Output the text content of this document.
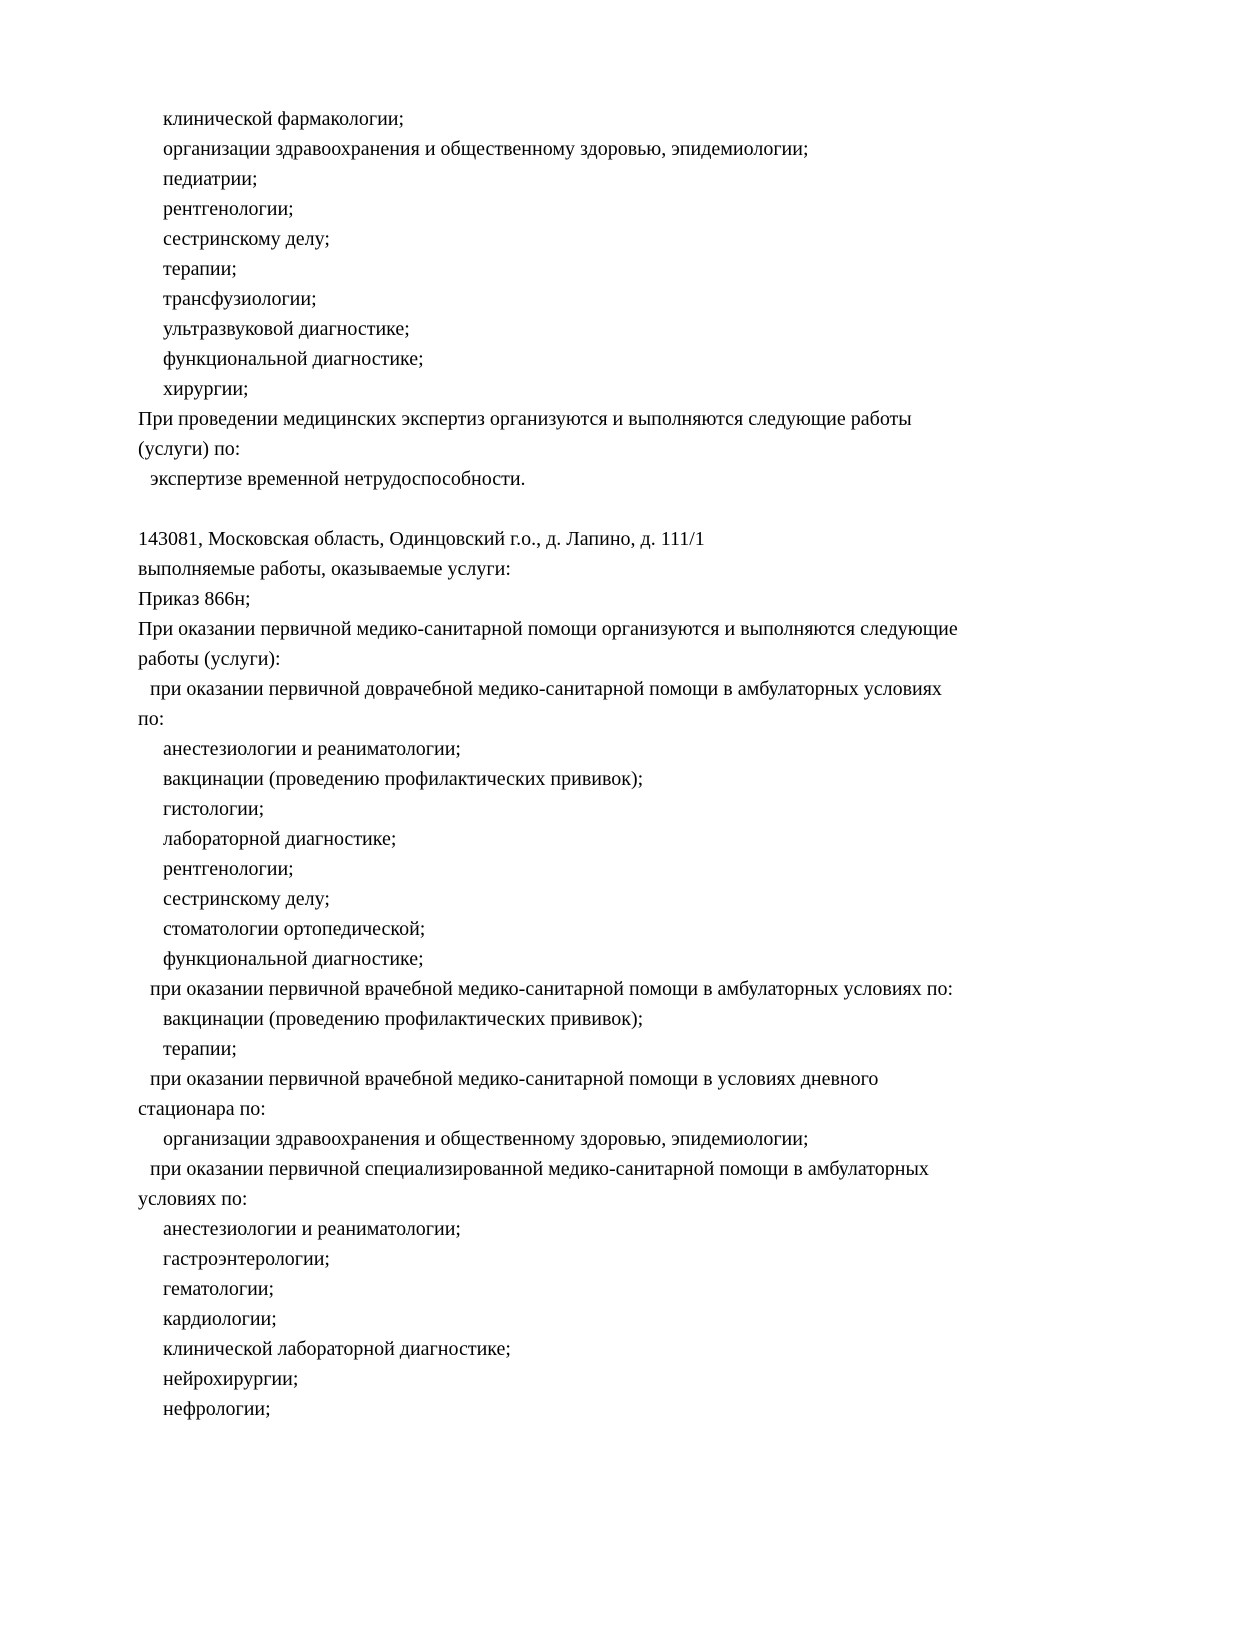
клинической фармакологии;
организации здравоохранения и общественному здоровью, эпидемиологии;
педиатрии;
рентгенологии;
сестринскому делу;
терапии;
трансфузиологии;
ультразвуковой диагностике;
функциональной диагностике;
хирургии;
При проведении медицинских экспертиз организуются и выполняются следующие работы
(услуги) по:
экспертизе временной нетрудоспособности.

143081, Московская область, Одинцовский г.о., д. Лапино, д. 111/1
выполняемые работы, оказываемые услуги:
Приказ 866н;
При оказании первичной медико-санитарной помощи организуются и выполняются следующие
работы (услуги):
при оказании первичной доврачебной медико-санитарной помощи в амбулаторных условиях
по:
анестезиологии и реаниматологии;
вакцинации (проведению профилактических прививок);
гистологии;
лабораторной диагностике;
рентгенологии;
сестринскому делу;
стоматологии ортопедической;
функциональной диагностике;
при оказании первичной врачебной медико-санитарной помощи в амбулаторных условиях по:
вакцинации (проведению профилактических прививок);
терапии;
при оказании первичной врачебной медико-санитарной помощи в условиях дневного
стационара по:
организации здравоохранения и общественному здоровью, эпидемиологии;
при оказании первичной специализированной медико-санитарной помощи в амбулаторных
условиях по:
анестезиологии и реаниматологии;
гастроэнтерологии;
гематологии;
кардиологии;
клинической лабораторной диагностике;
нейрохирургии;
нефрологии;
